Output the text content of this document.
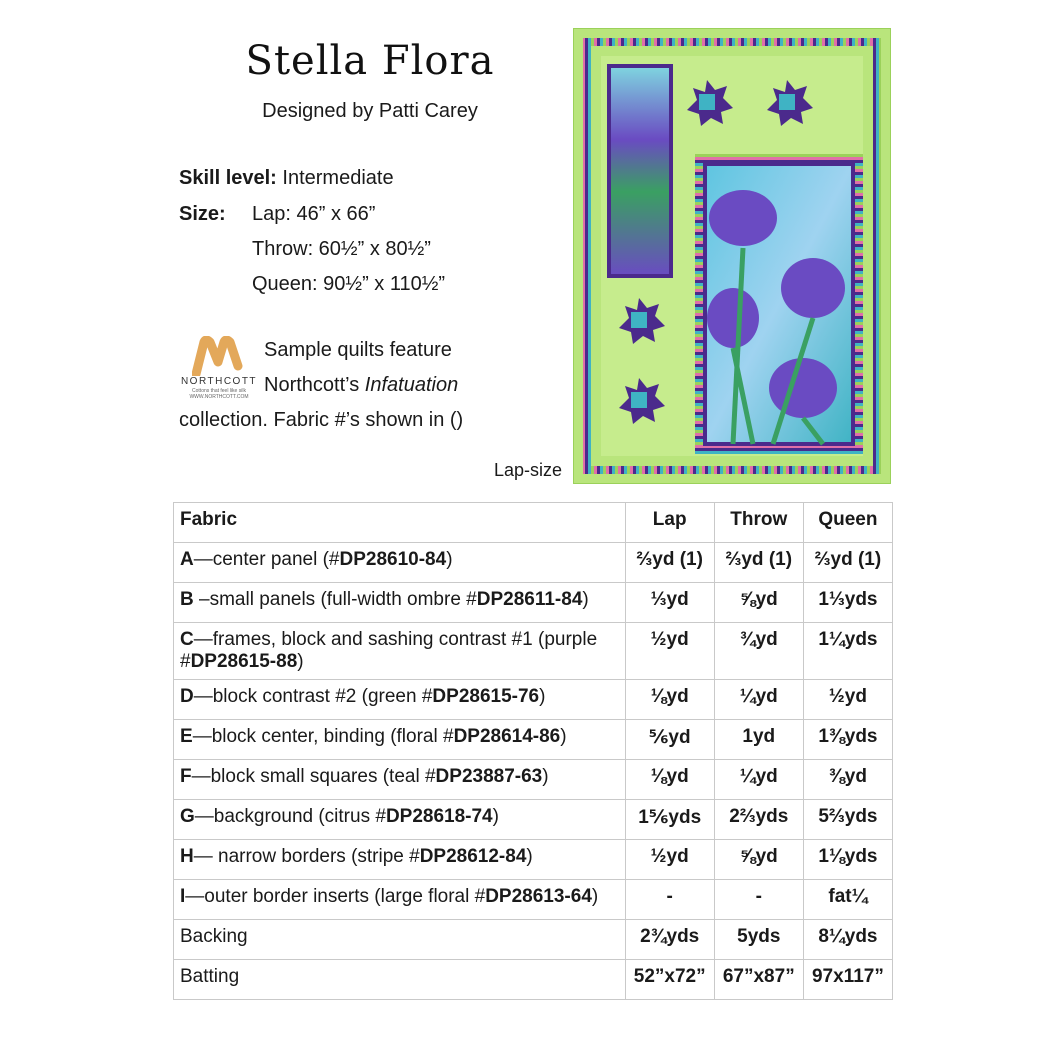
Stella Flora
Designed by Patti Carey
Skill level: Intermediate
Size: Lap: 46” x 66”
Throw: 60½” x 80½”
Queen: 90½” x 110½”
NORTHCOTT
Cottons that feel like silk
WWW.NORTHCOTT.COM
Sample quilts feature
Northcott’s Infatuation
collection. Fabric #’s shown in ()
Lap-size
Fabric	Lap	Throw	Queen
A—center panel (#DP28610-84)	⅔yd (1)	⅔yd (1)	⅔yd (1)
B –small panels (full-width ombre #DP28611-84)	⅓yd	⅝yd	1⅓yds
C—frames, block and sashing contrast #1 (purple #DP28615-88)	½yd	¾yd	1¼yds
D—block contrast #2 (green #DP28615-76)	⅛yd	¼yd	½yd
E—block center, binding (floral #DP28614-86)	⅚yd	1yd	1⅜yds
F—block small squares (teal #DP23887-63)	⅛yd	¼yd	⅜yd
G—background (citrus #DP28618-74)	1⅚yds	2⅔yds	5⅔yds
H— narrow borders (stripe #DP28612-84)	½yd	⅝yd	1⅛yds
I—outer border inserts (large floral #DP28613-64)	-	-	fat¼
Backing	2¾yds	5yds	8¼yds
Batting	52”x72”	67”x87”	97x117”
